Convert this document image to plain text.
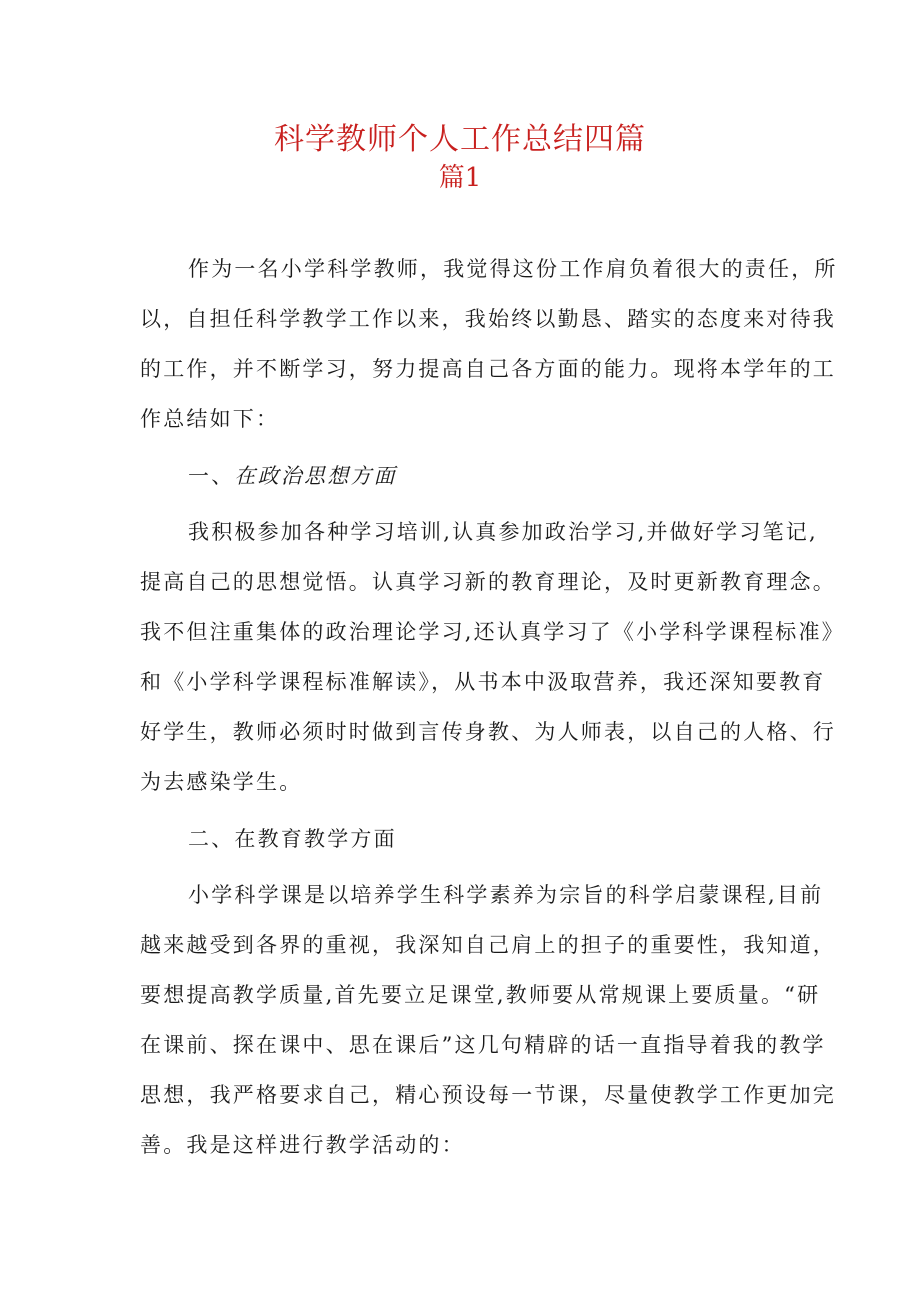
科学教师个人工作总结四篇
篇1

作为一名小学科学教师，我觉得这份工作肩负着很大的责任，所

以，自担任科学教学工作以来，我始终以勤恳、踏实的态度来对待我

的工作，并不断学习，努力提高自己各方面的能力。现将本学年的工

作总结如下：

一、在政治思想方面

我积极参加各种学习培训,认真参加政治学习,并做好学习笔记,

提高自己的思想觉悟。认真学习新的教育理论，及时更新教育理念。

我不但注重集体的政治理论学习,还认真学习了《小学科学课程标准》

和《小学科学课程标准解读》，从书本中汲取营养，我还深知要教育

好学生，教师必须时时做到言传身教、为人师表，以自己的人格、行

为去感染学生。

二、在教育教学方面

小学科学课是以培养学生科学素养为宗旨的科学启蒙课程,目前

越来越受到各界的重视，我深知自己肩上的担子的重要性，我知道，

要想提高教学质量,首先要立足课堂,教师要从常规课上要质量。“研

在课前、探在课中、思在课后”这几句精辟的话一直指导着我的教学

思想，我严格要求自己，精心预设每一节课，尽量使教学工作更加完

善。我是这样进行教学活动的：
